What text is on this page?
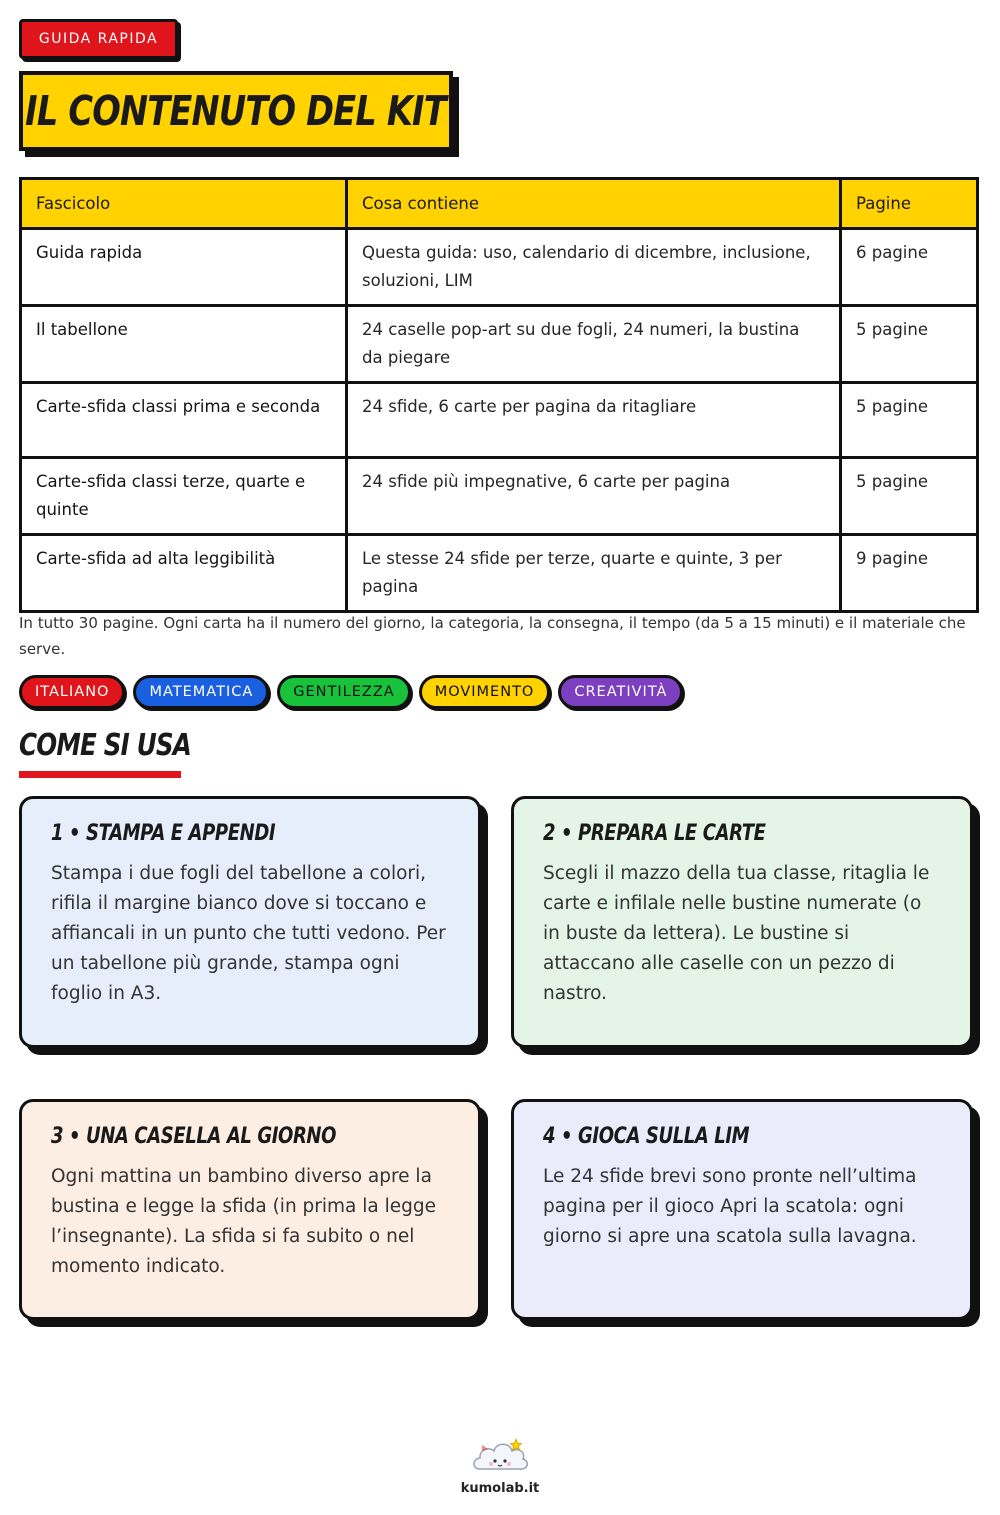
GUIDA RAPIDA
IL CONTENUTO DEL KIT
Fascicolo	Cosa contiene	Pagine
Guida rapida	Questa guida: uso, calendario di dicembre, inclusione, soluzioni, LIM	6 pagine
Il tabellone	24 caselle pop-art su due fogli, 24 numeri, la bustina da piegare	5 pagine
Carte-sfida classi prima e seconda	24 sfide, 6 carte per pagina da ritagliare	5 pagine
Carte-sfida classi terze, quarte e quinte	24 sfide più impegnative, 6 carte per pagina	5 pagine
Carte-sfida ad alta leggibilità	Le stesse 24 sfide per terze, quarte e quinte, 3 per pagina	9 pagine

In tutto 30 pagine. Ogni carta ha il numero del giorno, la categoria, la consegna, il tempo (da 5 a 15 minuti) e il materiale che serve.

ITALIANO	MATEMATICA	GENTILEZZA	MOVIMENTO	CREATIVITÀ
COME SI USA
1 • STAMPA E APPENDI

Stampa i due fogli del tabellone a colori, rifila il margine bianco dove si toccano e affiancali in un punto che tutti vedono. Per un tabellone più grande, stampa ogni foglio in A3.

2 • PREPARA LE CARTE

Scegli il mazzo della tua classe, ritaglia le carte e infilale nelle bustine numerate (o in buste da lettera). Le bustine si attaccano alle caselle con un pezzo di nastro.

3 • UNA CASELLA AL GIORNO

Ogni mattina un bambino diverso apre la bustina e legge la sfida (in prima la legge l’insegnante). La sfida si fa subito o nel momento indicato.

4 • GIOCA SULLA LIM

Le 24 sfide brevi sono pronte nell’ultima pagina per il gioco Apri la scatola: ogni giorno si apre una scatola sulla lavagna.

kumolab.it
